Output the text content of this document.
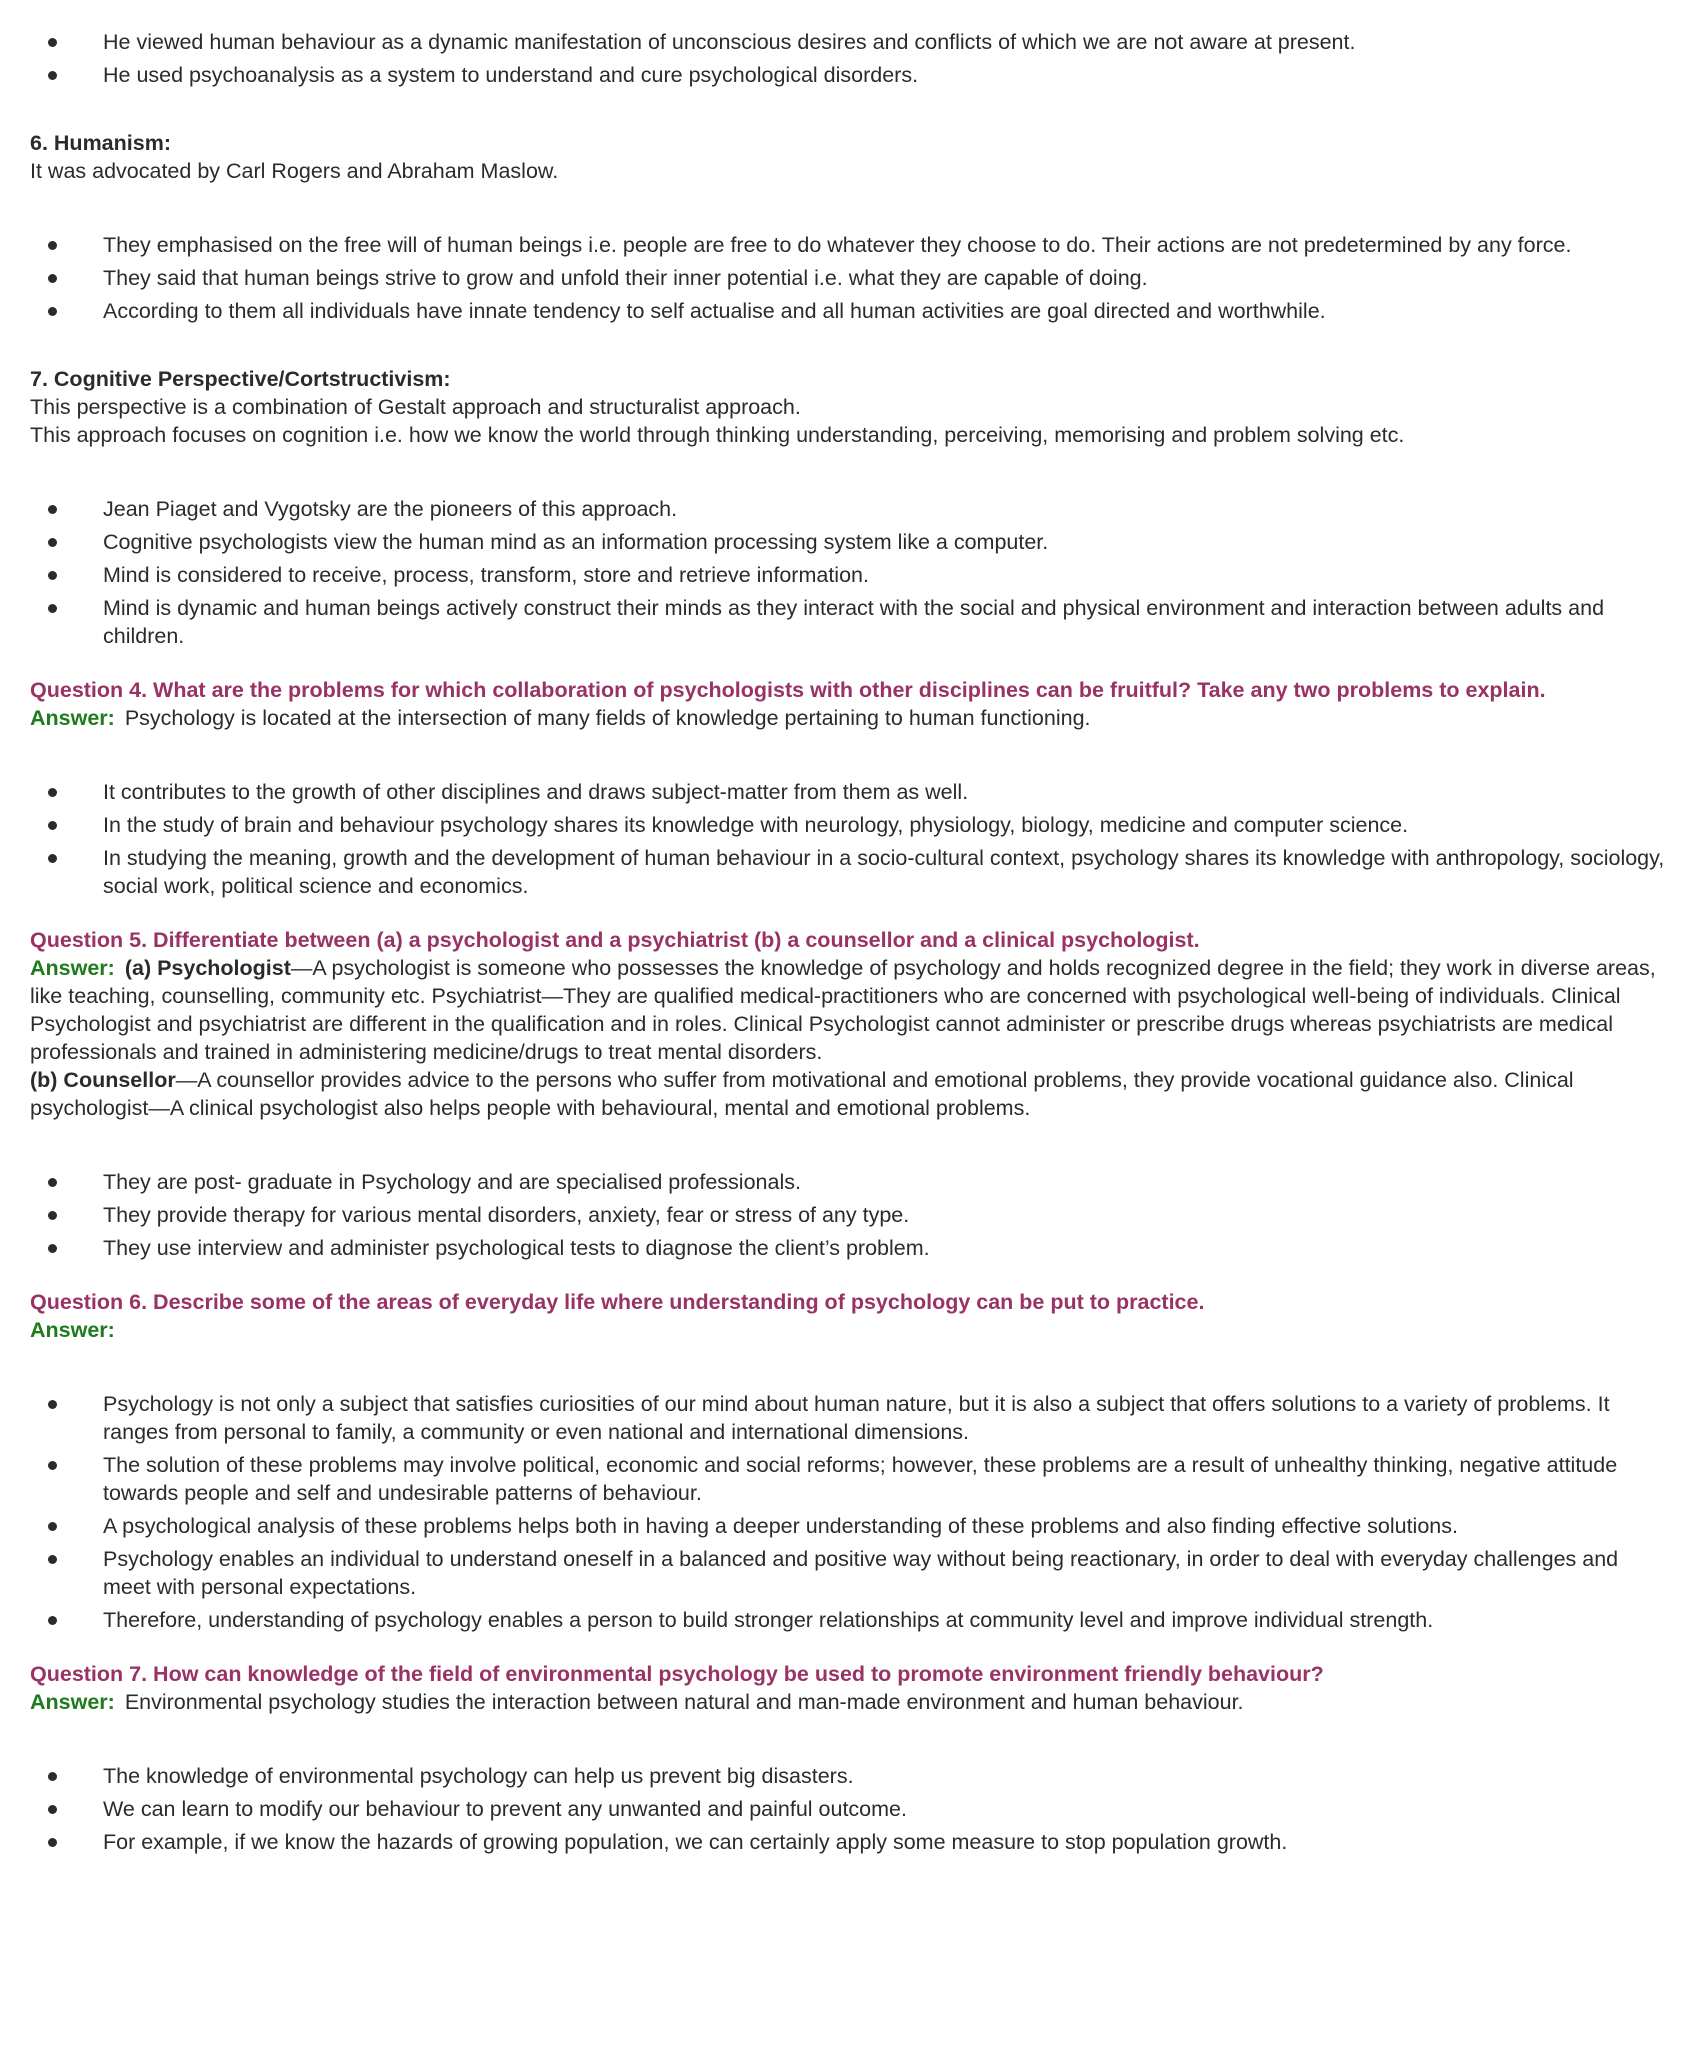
He viewed human behaviour as a dynamic manifestation of unconscious desires and conflicts of which we are not aware at present.
He used psychoanalysis as a system to understand and cure psychological disorders.

6. Humanism:

It was advocated by Carl Rogers and Abraham Maslow.

They emphasised on the free will of human beings i.e. people are free to do whatever they choose to do. Their actions are not predetermined by any force.
They said that human beings strive to grow and unfold their inner potential i.e. what they are capable of doing.
According to them all individuals have innate tendency to self actualise and all human activities are goal directed and worthwhile.

7. Cognitive Perspective/Cortstructivism:

This perspective is a combination of Gestalt approach and structuralist approach.

This approach focuses on cognition i.e. how we know the world through thinking understanding, perceiving, memorising and problem solving etc.

Jean Piaget and Vygotsky are the pioneers of this approach.
Cognitive psychologists view the human mind as an information processing system like a computer.
Mind is considered to receive, process, transform, store and retrieve information.
Mind is dynamic and human beings actively construct their minds as they interact with the social and physical environment and interaction between adults and children.

Question 4. What are the problems for which collaboration of psychologists with other disciplines can be fruitful? Take any two problems to explain.

Answer: Psychology is located at the intersection of many fields of knowledge pertaining to human functioning.

It contributes to the growth of other disciplines and draws subject-matter from them as well.
In the study of brain and behaviour psychology shares its knowledge with neurology, physiology, biology, medicine and computer science.
In studying the meaning, growth and the development of human behaviour in a socio-cultural context, psychology shares its knowledge with anthropology, sociology, social work, political science and economics.

Question 5. Differentiate between (a) a psychologist and a psychiatrist (b) a counsellor and a clinical psychologist.

Answer: (a) Psychologist—A psychologist is someone who possesses the knowledge of psychology and holds recognized degree in the field; they work in diverse areas, like teaching, counselling, community etc. Psychiatrist—They are qualified medical-practitioners who are concerned with psychological well-being of individuals. Clinical Psychologist and psychiatrist are different in the qualification and in roles. Clinical Psychologist cannot administer or prescribe drugs whereas psychiatrists are medical professionals and trained in administering medicine/drugs to treat mental disorders.

(b) Counsellor—A counsellor provides advice to the persons who suffer from motivational and emotional problems, they provide vocational guidance also. Clinical psychologist—A clinical psychologist also helps people with behavioural, mental and emotional problems.

They are post- graduate in Psychology and are specialised professionals.
They provide therapy for various mental disorders, anxiety, fear or stress of any type.
They use interview and administer psychological tests to diagnose the client’s problem.

Question 6. Describe some of the areas of everyday life where understanding of psychology can be put to practice.

Answer:

Psychology is not only a subject that satisfies curiosities of our mind about human nature, but it is also a subject that offers solutions to a variety of problems. It ranges from personal to family, a community or even national and international dimensions.
The solution of these problems may involve political, economic and social reforms; however, these problems are a result of unhealthy thinking, negative attitude towards people and self and undesirable patterns of behaviour.
A psychological analysis of these problems helps both in having a deeper understanding of these problems and also finding effective solutions.
Psychology enables an individual to understand oneself in a balanced and positive way without being reactionary, in order to deal with everyday challenges and meet with personal expectations.
Therefore, understanding of psychology enables a person to build stronger relationships at community level and improve individual strength.

Question 7. How can knowledge of the field of environmental psychology be used to promote environment friendly behaviour?

Answer: Environmental psychology studies the interaction between natural and man-made environment and human behaviour.

The knowledge of environmental psychology can help us prevent big disasters.
We can learn to modify our behaviour to prevent any unwanted and painful outcome.
For example, if we know the hazards of growing population, we can certainly apply some measure to stop population growth.
